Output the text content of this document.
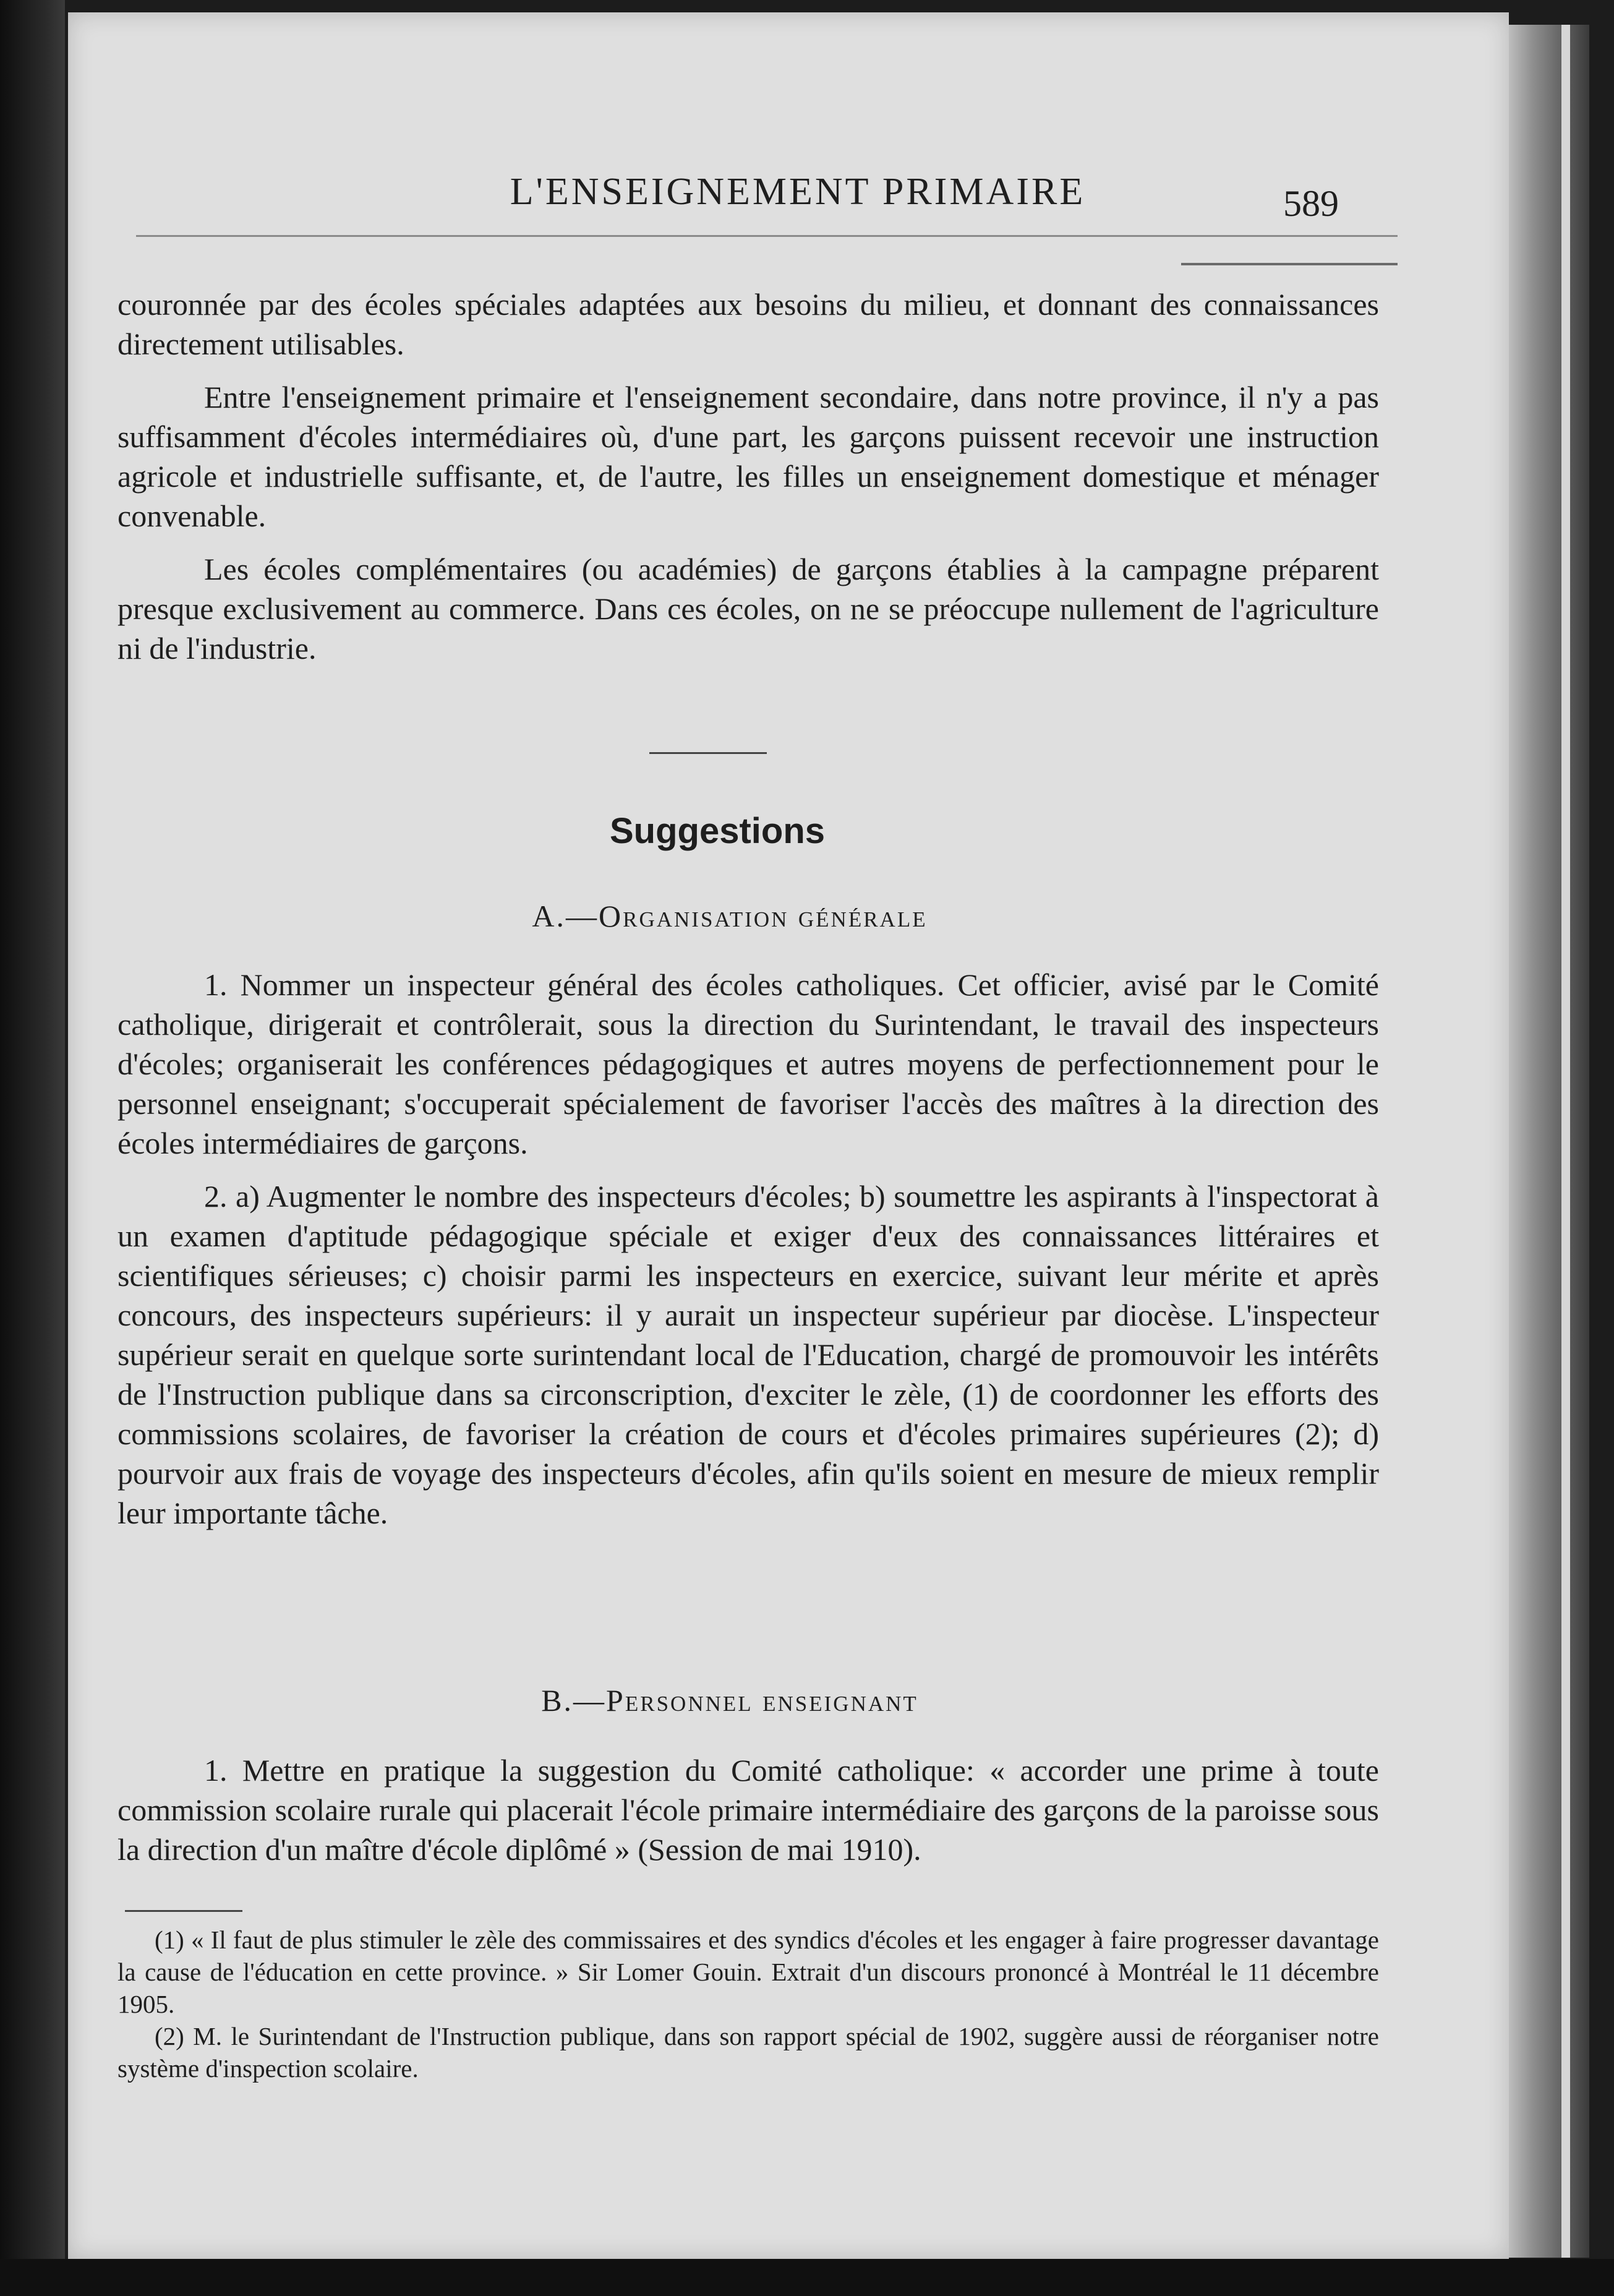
L'ENSEIGNEMENT PRIMAIRE	589

couronnée par des écoles spéciales adaptées aux besoins du milieu, et donnant des connaissances directement utilisables.

Entre l'enseignement primaire et l'enseignement secondaire, dans notre province, il n'y a pas suffisamment d'écoles intermédiaires où, d'une part, les garçons puissent recevoir une instruction agricole et industrielle suffisante, et, de l'autre, les filles un enseignement domestique et ménager convenable.

Les écoles complémentaires (ou académies) de garçons établies à la campagne préparent presque exclusivement au commerce. Dans ces écoles, on ne se préoccupe nullement de l'agriculture ni de l'industrie.

Suggestions
A.—Organisation générale

1. Nommer un inspecteur général des écoles catholiques. Cet officier, avisé par le Comité catholique, dirigerait et contrôlerait, sous la direction du Surintendant, le travail des inspecteurs d'écoles; organiserait les conférences pédagogiques et autres moyens de perfectionnement pour le personnel enseignant; s'occuperait spécialement de favoriser l'accès des maîtres à la direction des écoles intermédiaires de garçons.

2. a) Augmenter le nombre des inspecteurs d'écoles; b) soumettre les aspirants à l'inspectorat à un examen d'aptitude pédagogique spéciale et exiger d'eux des connaissances littéraires et scientifiques sérieuses; c) choisir parmi les inspecteurs en exercice, suivant leur mérite et après concours, des inspecteurs supérieurs: il y aurait un inspecteur supérieur par diocèse. L'inspecteur supérieur serait en quelque sorte surintendant local de l'Education, chargé de promouvoir les intérêts de l'Instruction publique dans sa circonscription, d'exciter le zèle, (1) de coordonner les efforts des commissions scolaires, de favoriser la création de cours et d'écoles primaires supérieures (2); d) pourvoir aux frais de voyage des inspecteurs d'écoles, afin qu'ils soient en mesure de mieux remplir leur importante tâche.

B.—Personnel enseignant

1. Mettre en pratique la suggestion du Comité catholique: « accorder une prime à toute commission scolaire rurale qui placerait l'école primaire intermédiaire des garçons de la paroisse sous la direction d'un maître d'école diplômé » (Session de mai 1910).

(1) « Il faut de plus stimuler le zèle des commissaires et des syndics d'écoles et les engager à faire progresser davantage la cause de l'éducation en cette province. » Sir Lomer Gouin. Extrait d'un discours prononcé à Montréal le 11 décembre 1905.

(2) M. le Surintendant de l'Instruction publique, dans son rapport spécial de 1902, suggère aussi de réorganiser notre système d'inspection scolaire.
